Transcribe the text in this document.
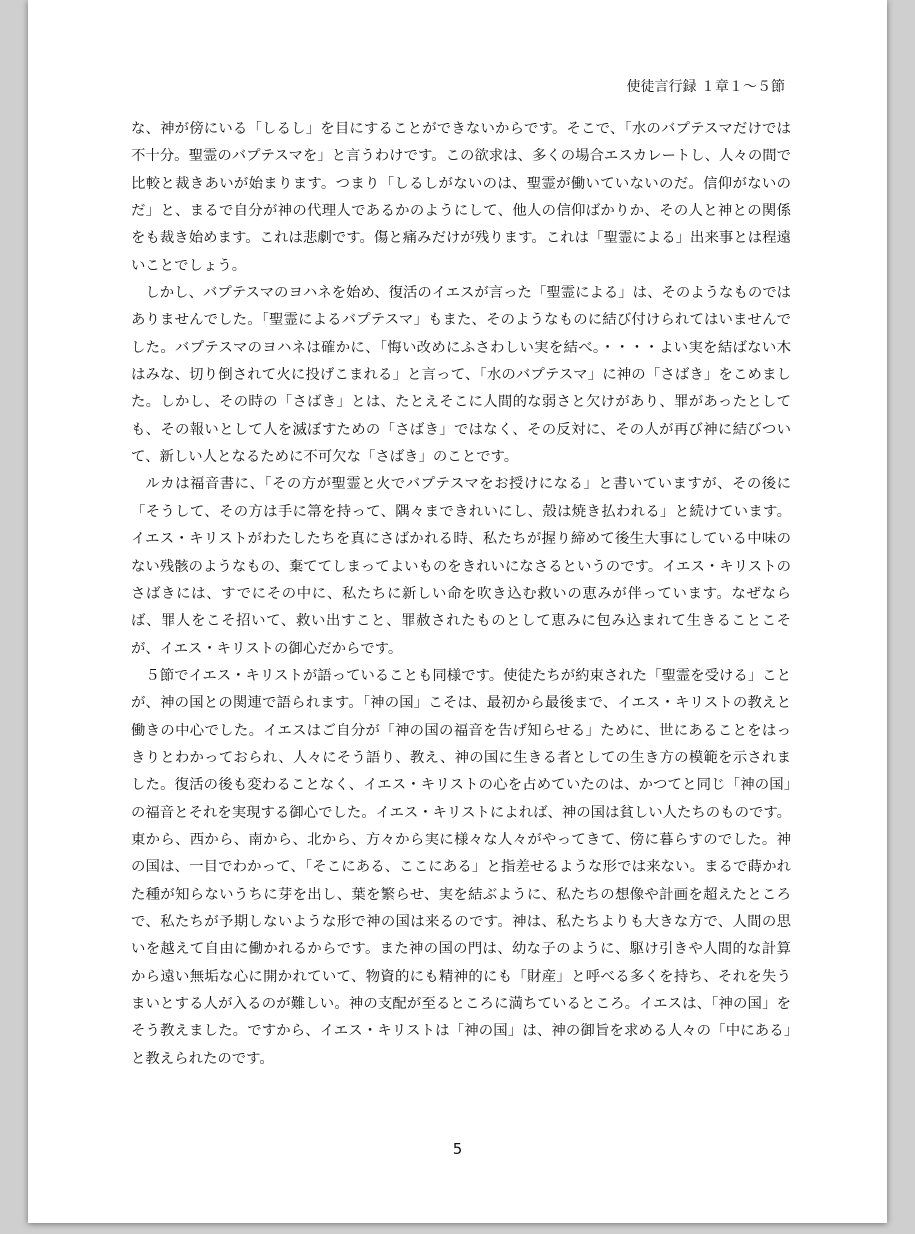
使徒言行録 １章１〜５節

な、神が傍にいる「しるし」を目にすることができないからです。そこで、「水のバプテスマだけでは不十分。聖霊のバプテスマを」と言うわけです。この欲求は、多くの場合エスカレートし、人々の間で比較と裁きあいが始まります。つまり「しるしがないのは、聖霊が働いていないのだ。信仰がないのだ」と、まるで自分が神の代理人であるかのようにして、他人の信仰ばかりか、その人と神との関係をも裁き始めます。これは悲劇です。傷と痛みだけが残ります。これは「聖霊による」出来事とは程遠いことでしょう。

しかし、バプテスマのヨハネを始め、復活のイエスが言った「聖霊による」は、そのようなものではありませんでした。「聖霊によるバプテスマ」もまた、そのようなものに結び付けられてはいませんでした。バプテスマのヨハネは確かに、「悔い改めにふさわしい実を結べ。・・・・よい実を結ばない木はみな、切り倒されて火に投げこまれる」と言って、「水のバプテスマ」に神の「さばき」をこめました。しかし、その時の「さばき」とは、たとえそこに人間的な弱さと欠けがあり、罪があったとしても、その報いとして人を滅ぼすための「さばき」ではなく、その反対に、その人が再び神に結びついて、新しい人となるために不可欠な「さばき」のことです。

ルカは福音書に、「その方が聖霊と火でバプテスマをお授けになる」と書いていますが、その後に「そうして、その方は手に箒を持って、隅々まできれいにし、殻は焼き払われる」と続けています。イエス・キリストがわたしたちを真にさばかれる時、私たちが握り締めて後生大事にしている中味のない残骸のようなもの、棄ててしまってよいものをきれいになさるというのです。イエス・キリストのさばきには、すでにその中に、私たちに新しい命を吹き込む救いの恵みが伴っています。なぜならば、罪人をこそ招いて、救い出すこと、罪赦されたものとして恵みに包み込まれて生きることこそが、イエス・キリストの御心だからです。

５節でイエス・キリストが語っていることも同様です。使徒たちが約束された「聖霊を受ける」ことが、神の国との関連で語られます。「神の国」こそは、最初から最後まで、イエス・キリストの教えと働きの中心でした。イエスはご自分が「神の国の福音を告げ知らせる」ために、世にあることをはっきりとわかっておられ、人々にそう語り、教え、神の国に生きる者としての生き方の模範を示されました。復活の後も変わることなく、イエス・キリストの心を占めていたのは、かつてと同じ「神の国」の福音とそれを実現する御心でした。イエス・キリストによれば、神の国は貧しい人たちのものです。東から、西から、南から、北から、方々から実に様々な人々がやってきて、傍に暮らすのでした。神の国は、一目でわかって、「そこにある、ここにある」と指差せるような形では来ない。まるで蒔かれた種が知らないうちに芽を出し、葉を繁らせ、実を結ぶように、私たちの想像や計画を超えたところで、私たちが予期しないような形で神の国は来るのです。神は、私たちよりも大きな方で、人間の思いを越えて自由に働かれるからです。また神の国の門は、幼な子のように、駆け引きや人間的な計算から遠い無垢な心に開かれていて、物資的にも精神的にも「財産」と呼べる多くを持ち、それを失うまいとする人が入るのが難しい。神の支配が至るところに満ちているところ。イエスは、「神の国」をそう教えました。ですから、イエス・キリストは「神の国」は、神の御旨を求める人々の「中にある」と教えられたのです。

5
